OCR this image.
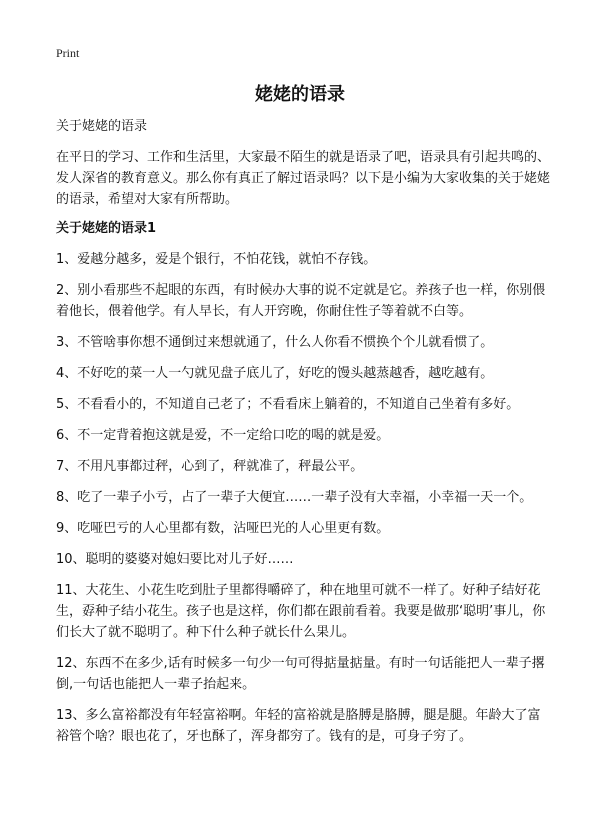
Print
姥姥的语录

关于姥姥的语录

在平日的学习、工作和生活里，大家最不陌生的就是语录了吧，语录具有引起共鸣的、发人深省的教育意义。那么你有真正了解过语录吗？以下是小编为大家收集的关于姥姥的语录，希望对大家有所帮助。

关于姥姥的语录1

1、爱越分越多，爱是个银行，不怕花钱，就怕不存钱。

2、别小看那些不起眼的东西，有时候办大事的说不定就是它。养孩子也一样，你别偎着他长，偎着他学。有人早长，有人开窍晚，你耐住性子等着就不白等。

3、不管啥事你想不通倒过来想就通了，什么人你看不惯换个个儿就看惯了。

4、不好吃的菜一人一勺就见盘子底儿了，好吃的馒头越蒸越香，越吃越有。

5、不看看小的，不知道自己老了；不看看床上躺着的，不知道自己坐着有多好。

6、不一定背着抱这就是爱，不一定给口吃的喝的就是爱。

7、不用凡事都过秤，心到了，秤就准了，秤最公平。

8、吃了一辈子小亏，占了一辈子大便宜……一辈子没有大幸福，小幸福一天一个。

9、吃哑巴亏的人心里都有数，沾哑巴光的人心里更有数。

10、聪明的婆婆对媳妇要比对儿子好……

11、大花生、小花生吃到肚子里都得嚼碎了，种在地里可就不一样了。好种子结好花生，孬种子结小花生。孩子也是这样，你们都在跟前看着。我要是做那‘聪明’事儿，你们长大了就不聪明了。种下什么种子就长什么果儿。

12、东西不在多少,话有时候多一句少一句可得掂量掂量。有时一句话能把人一辈子撂倒,一句话也能把人一辈子抬起来。

13、多么富裕都没有年轻富裕啊。年轻的富裕就是胳膊是胳膊，腿是腿。年龄大了富裕管个啥？眼也花了，牙也酥了，浑身都穷了。钱有的是，可身子穷了。
